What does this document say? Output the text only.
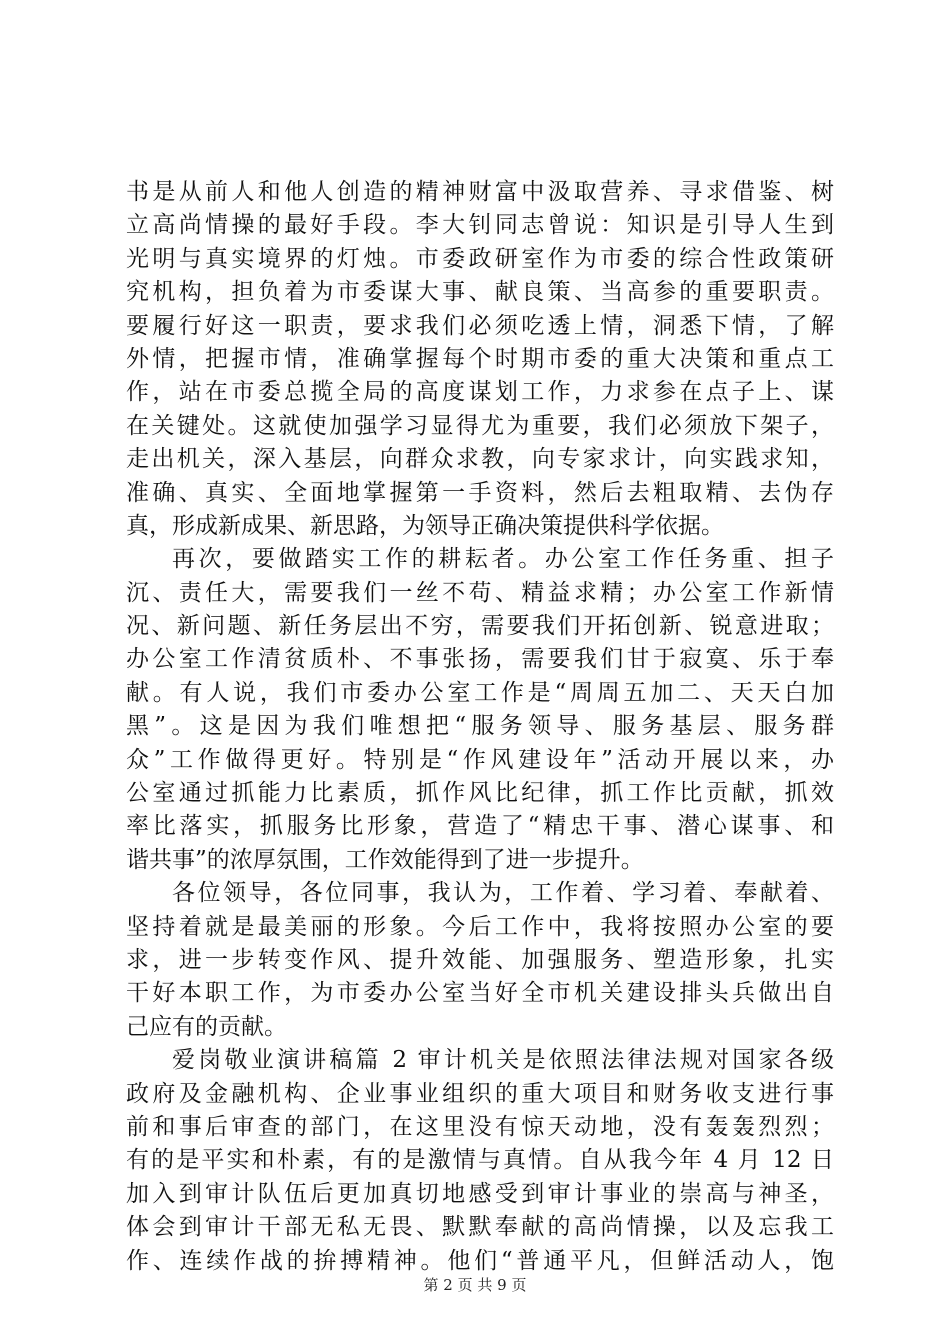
书是从前人和他人创造的精神财富中汲取营养、寻求借鉴、树
立高尚情操的最好手段。李大钊同志曾说：知识是引导人生到
光明与真实境界的灯烛。市委政研室作为市委的综合性政策研
究机构，担负着为市委谋大事、献良策、当高参的重要职责。
要履行好这一职责，要求我们必须吃透上情，洞悉下情，了解
外情，把握市情，准确掌握每个时期市委的重大决策和重点工
作，站在市委总揽全局的高度谋划工作，力求参在点子上、谋
在关键处。这就使加强学习显得尤为重要，我们必须放下架子，
走出机关，深入基层，向群众求教，向专家求计，向实践求知，
准确、真实、全面地掌握第一手资料，然后去粗取精、去伪存
真，形成新成果、新思路，为领导正确决策提供科学依据。
再次，要做踏实工作的耕耘者。办公室工作任务重、担子
沉、责任大，需要我们一丝不苟、精益求精；办公室工作新情
况、新问题、新任务层出不穷，需要我们开拓创新、锐意进取；
办公室工作清贫质朴、不事张扬，需要我们甘于寂寞、乐于奉
献。有人说，我们市委办公室工作是“周周五加二、天天白加
黑”。这是因为我们唯想把“服务领导、服务基层、服务群
众”工作做得更好。特别是“作风建设年”活动开展以来，办
公室通过抓能力比素质，抓作风比纪律，抓工作比贡献，抓效
率比落实，抓服务比形象，营造了“精忠干事、潜心谋事、和
谐共事”的浓厚氛围，工作效能得到了进一步提升。
各位领导，各位同事，我认为，工作着、学习着、奉献着、
坚持着就是最美丽的形象。今后工作中，我将按照办公室的要
求，进一步转变作风、提升效能、加强服务、塑造形象，扎实
干好本职工作，为市委办公室当好全市机关建设排头兵做出自
己应有的贡献。
爱岗敬业演讲稿篇 2 审计机关是依照法律法规对国家各级
政府及金融机构、企业事业组织的重大项目和财务收支进行事
前和事后审查的部门，在这里没有惊天动地，没有轰轰烈烈；
有的是平实和朴素，有的是激情与真情。自从我今年 4 月 12 日
加入到审计队伍后更加真切地感受到审计事业的崇高与神圣，
体会到审计干部无私无畏、默默奉献的高尚情操，以及忘我工
作、连续作战的拚搏精神。他们“普通平凡，但鲜活动人，饱
第 2 页 共 9 页
